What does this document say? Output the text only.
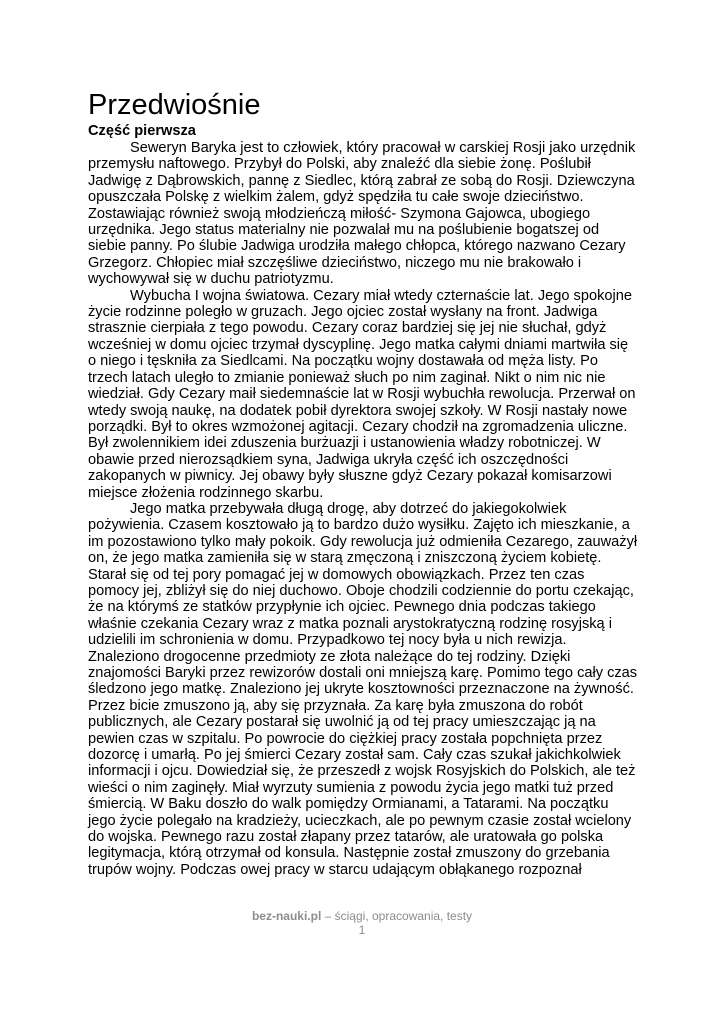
Przedwiośnie
Część pierwsza

Seweryn Baryka jest to człowiek, który pracował w carskiej Rosji jako urzędnik
przemysłu naftowego. Przybył do Polski, aby znaleźć dla siebie żonę. Poślubił
Jadwigę z Dąbrowskich, pannę z Siedlec, którą zabrał ze sobą do Rosji. Dziewczyna
opuszczała Polskę z wielkim żalem, gdyż spędziła tu całe swoje dzieciństwo.
Zostawiając również swoją młodzieńczą miłość- Szymona Gajowca, ubogiego
urzędnika. Jego status materialny nie pozwalał mu na poślubienie bogatszej od
siebie panny. Po ślubie Jadwiga urodziła małego chłopca, którego nazwano Cezary
Grzegorz. Chłopiec miał szczęśliwe dzieciństwo, niczego mu nie brakowało i
wychowywał się w duchu patriotyzmu.

Wybucha I wojna światowa. Cezary miał wtedy czternaście lat. Jego spokojne
życie rodzinne poległo w gruzach. Jego ojciec został wysłany na front. Jadwiga
strasznie cierpiała z tego powodu. Cezary coraz bardziej się jej nie słuchał, gdyż
wcześniej w domu ojciec trzymał dyscyplinę. Jego matka całymi dniami martwiła się
o niego i tęskniła za Siedlcami. Na początku wojny dostawała od męża listy. Po
trzech latach uległo to zmianie ponieważ słuch po nim zaginał. Nikt o nim nic nie
wiedział. Gdy Cezary maił siedemnaście lat w Rosji wybuchła rewolucja. Przerwał on
wtedy swoją naukę, na dodatek pobił dyrektora swojej szkoły. W Rosji nastały nowe
porządki. Był to okres wzmożonej agitacji. Cezary chodził na zgromadzenia uliczne.
Był zwolennikiem idei zduszenia burżuazji i ustanowienia władzy robotniczej. W
obawie przed nierozsądkiem syna, Jadwiga ukryła część ich oszczędności
zakopanych w piwnicy. Jej obawy były słuszne gdyż Cezary pokazał komisarzowi
miejsce złożenia rodzinnego skarbu.

Jego matka przebywała długą drogę, aby dotrzeć do jakiegokolwiek
pożywienia. Czasem kosztowało ją to bardzo dużo wysiłku. Zajęto ich mieszkanie, a
im pozostawiono tylko mały pokoik. Gdy rewolucja już odmieniła Cezarego, zauważył
on, że jego matka zamieniła się w starą zmęczoną i zniszczoną życiem kobietę.
Starał się od tej pory pomagać jej w domowych obowiązkach. Przez ten czas
pomocy jej, zbliżył się do niej duchowo. Oboje chodzili codziennie do portu czekając,
że na którymś ze statków przypłynie ich ojciec. Pewnego dnia podczas takiego
właśnie czekania Cezary wraz z matka poznali arystokratyczną rodzinę rosyjską i
udzielili im schronienia w domu. Przypadkowo tej nocy była u nich rewizja.
Znaleziono drogocenne przedmioty ze złota należące do tej rodziny. Dzięki
znajomości Baryki przez rewizorów dostali oni mniejszą karę. Pomimo tego cały czas
śledzono jego matkę. Znaleziono jej ukryte kosztowności przeznaczone na żywność.
Przez bicie zmuszono ją, aby się przyznała. Za karę była zmuszona do robót
publicznych, ale Cezary postarał się uwolnić ją od tej pracy umieszczając ją na
pewien czas w szpitalu. Po powrocie do ciężkiej pracy została popchnięta przez
dozorcę i umarłą. Po jej śmierci Cezary został sam. Cały czas szukał jakichkolwiek
informacji i ojcu. Dowiedział się, że przeszedł z wojsk Rosyjskich do Polskich, ale też
wieści o nim zaginęły. Miał wyrzuty sumienia z powodu życia jego matki tuż przed
śmiercią. W Baku doszło do walk pomiędzy Ormianami, a Tatarami. Na początku
jego życie polegało na kradzieży, ucieczkach, ale po pewnym czasie został wcielony
do wojska. Pewnego razu został złapany przez tatarów, ale uratowała go polska
legitymacja, którą otrzymał od konsula. Następnie został zmuszony do grzebania
trupów wojny. Podczas owej pracy w starcu udającym obłąkanego rozpoznał

bez-nauki.pl – ściągi, opracowania, testy
1
